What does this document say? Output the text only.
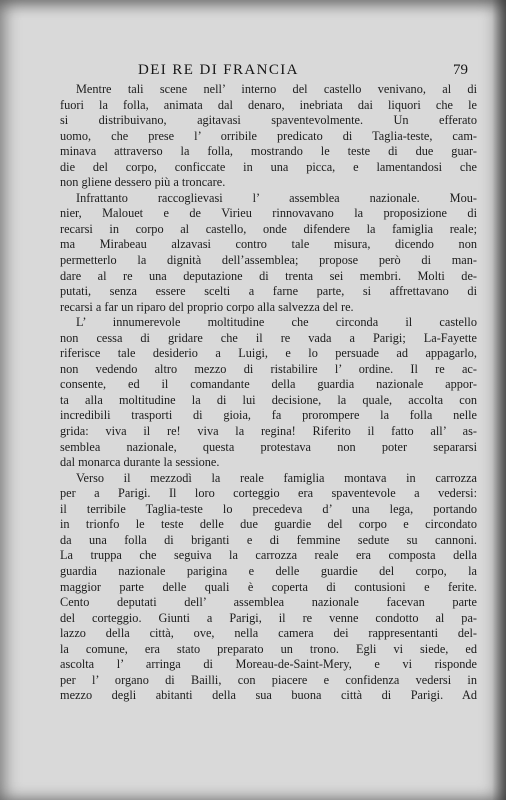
DEI RE DI FRANCIA	79
Mentre tali scene nell’ interno del castello venivano, al di
fuori la folla, animata dal denaro, inebriata dai liquori che le
si distribuivano, agitavasi spaventevolmente. Un efferato
uomo, che prese l’ orribile predicato di Taglia-teste, cam-
minava attraverso la folla, mostrando le teste di due guar-
die del corpo, conficcate in una picca, e lamentandosi che
non gliene dessero più a troncare.
Infrattanto raccoglievasi l’ assemblea nazionale. Mou-
nier, Malouet e de Virieu rinnovavano la proposizione di
recarsi in corpo al castello, onde difendere la famiglia reale;
ma Mirabeau alzavasi contro tale misura, dicendo non
permetterlo la dignità dell’assemblea; propose però di man-
dare al re una deputazione di trenta sei membri. Molti de-
putati, senza essere scelti a farne parte, si affrettavano di
recarsi a far un riparo del proprio corpo alla salvezza del re.
L’ innumerevole moltitudine che circonda il castello
non cessa di gridare che il re vada a Parigi; La-Fayette
riferisce tale desiderio a Luigi, e lo persuade ad appagarlo,
non vedendo altro mezzo di ristabilire l’ ordine. Il re ac-
consente, ed il comandante della guardia nazionale appor-
ta alla moltitudine la di lui decisione, la quale, accolta con
incredibili trasporti di gioia, fa prorompere la folla nelle
grida: viva il re! viva la regina! Riferito il fatto all’ as-
semblea nazionale, questa protestava non poter separarsi
dal monarca durante la sessione.
Verso il mezzodì la reale famiglia montava in carrozza
per a Parigi. Il loro corteggio era spaventevole a vedersi:
il terribile Taglia-teste lo precedeva d’ una lega, portando
in trionfo le teste delle due guardie del corpo e circondato
da una folla di briganti e di femmine sedute su cannoni.
La truppa che seguiva la carrozza reale era composta della
guardia nazionale parigina e delle guardie del corpo, la
maggior parte delle quali è coperta di contusioni e ferite.
Cento deputati dell’ assemblea nazionale facevan parte
del corteggio. Giunti a Parigi, il re venne condotto al pa-
lazzo della città, ove, nella camera dei rappresentanti del-
la comune, era stato preparato un trono. Egli vi siede, ed
ascolta l’ arringa di Moreau-de-Saint-Mery, e vi risponde
per l’ organo di Bailli, con piacere e confidenza vedersi in
mezzo degli abitanti della sua buona città di Parigi. Ad
